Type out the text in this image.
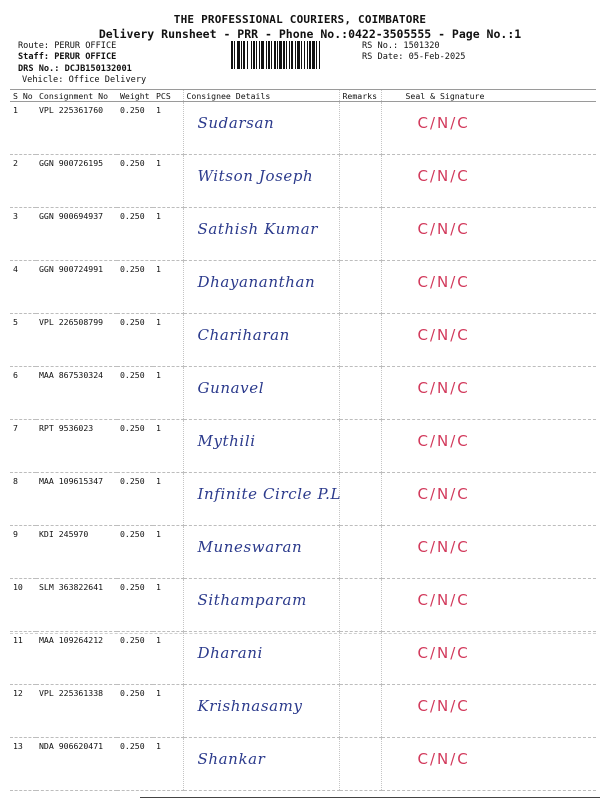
THE PROFESSIONAL COURIERS, COIMBATORE
Delivery Runsheet - PRR - Phone No.:0422-3505555 - Page No.:1
Route: PERUR OFFICE
Staff: PERUR OFFICE
DRS No.: DCJB150132001
Vehicle: Office Delivery
RS No.: 1501320
RS Date: 05-Feb-2025
S No	Consignment No	Weight	PCS	Consignee Details	Remarks	Seal & Signature
1	VPL 225361760	0.250	1	Sudarsan		C/N/C
2	GGN 900726195	0.250	1	Witson Joseph		C/N/C
3	GGN 900694937	0.250	1	Sathish Kumar		C/N/C
4	GGN 900724991	0.250	1	Dhayananthan		C/N/C
5	VPL 226508799	0.250	1	Chariharan		C/N/C
6	MAA 867530324	0.250	1	Gunavel		C/N/C
7	RPT 9536023	0.250	1	Mythili		C/N/C
8	MAA 109615347	0.250	1	Infinite Circle P.L		C/N/C
9	KDI 245970	0.250	1	Muneswaran		C/N/C
10	SLM 363822641	0.250	1	Sithamparam		C/N/C
11	MAA 109264212	0.250	1	Dharani		C/N/C
12	VPL 225361338	0.250	1	Krishnasamy		C/N/C
13	NDA 906620471	0.250	1	Shankar		C/N/C
